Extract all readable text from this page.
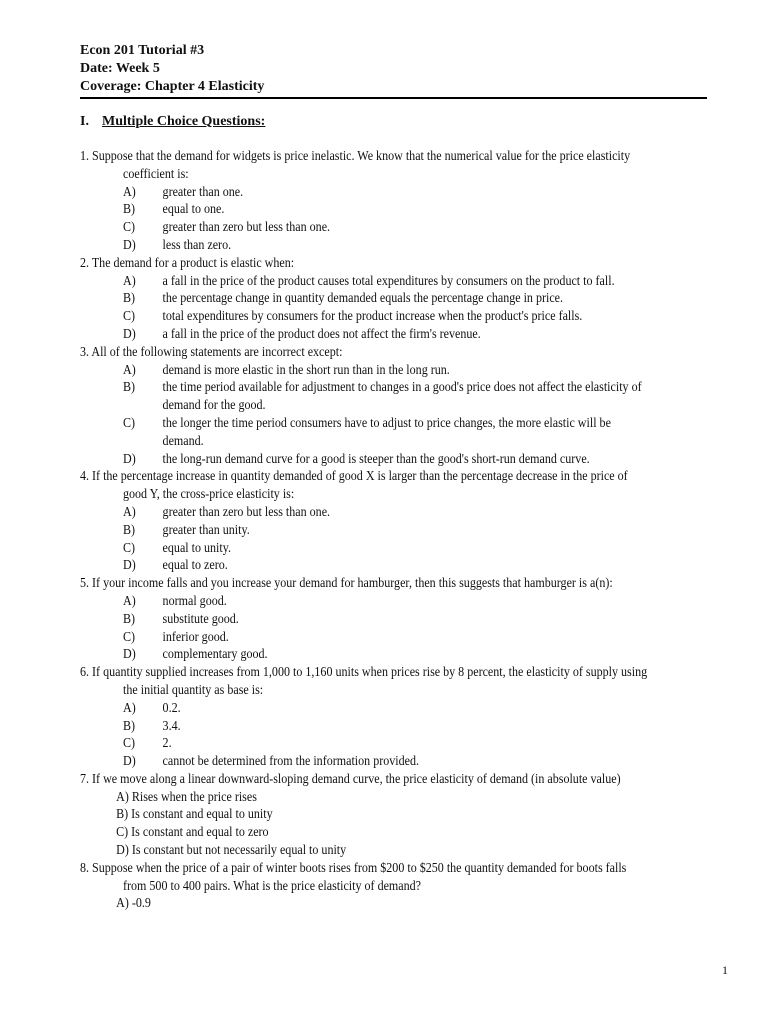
Econ 201 Tutorial #3
Date: Week 5
Coverage: Chapter 4 Elasticity
I. Multiple Choice Questions:

1. Suppose that the demand for widgets is price inelastic. We know that the numerical value for the price elasticity coefficient is:

A)	greater than one.
B)	equal to one.
C)	greater than zero but less than one.
D)	less than zero.

2. The demand for a product is elastic when:

A)	a fall in the price of the product causes total expenditures by consumers on the product to fall.
B)	the percentage change in quantity demanded equals the percentage change in price.
C)	total expenditures by consumers for the product increase when the product's price falls.
D)	a fall in the price of the product does not affect the firm's revenue.

3. All of the following statements are incorrect except:

A)	demand is more elastic in the short run than in the long run.
B)	the time period available for adjustment to changes in a good's price does not affect the elasticity of demand for the good.
C)	the longer the time period consumers have to adjust to price changes, the more elastic will be demand.
D)	the long-run demand curve for a good is steeper than the good's short-run demand curve.

4. If the percentage increase in quantity demanded of good X is larger than the percentage decrease in the price of good Y, the cross-price elasticity is:

A)	greater than zero but less than one.
B)	greater than unity.
C)	equal to unity.
D)	equal to zero.

5. If your income falls and you increase your demand for hamburger, then this suggests that hamburger is a(n):

A)	normal good.
B)	substitute good.
C)	inferior good.
D)	complementary good.

6. If quantity supplied increases from 1,000 to 1,160 units when prices rise by 8 percent, the elasticity of supply using the initial quantity as base is:

A)	0.2.
B)	3.4.
C)	2.
D)	cannot be determined from the information provided.

7. If we move along a linear downward-sloping demand curve, the price elasticity of demand (in absolute value)

A) Rises when the price rises
B) Is constant and equal to unity
C) Is constant and equal to zero
D) Is constant but not necessarily equal to unity

8. Suppose when the price of a pair of winter boots rises from $200 to $250 the quantity demanded for boots falls from 500 to 400 pairs. What is the price elasticity of demand?

A) -0.9
1
